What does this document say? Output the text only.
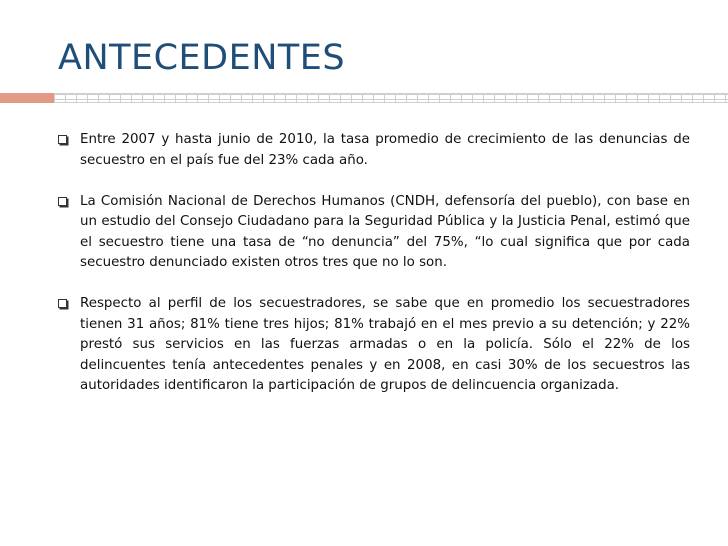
ANTECEDENTES
Entre 2007 y hasta junio de 2010, la tasa promedio de crecimiento de las denuncias de secuestro en el país fue del 23% cada año.
La Comisión Nacional de Derechos Humanos (CNDH, defensoría del pueblo), con base en un estudio del Consejo Ciudadano para la Seguridad Pública y la Justicia Penal, estimó que el secuestro tiene una tasa de “no denuncia” del 75%, “lo cual significa que por cada secuestro denunciado existen otros tres que no lo son.
Respecto al perfil de los secuestradores, se sabe que en promedio los secuestradores tienen 31 años; 81% tiene tres hijos; 81% trabajó en el mes previo a su detención; y 22% prestó sus servicios en las fuerzas armadas o en la policía. Sólo el 22% de los delincuentes tenía antecedentes penales y en 2008, en casi 30% de los secuestros las autoridades identificaron la participación de grupos de delincuencia organizada.
